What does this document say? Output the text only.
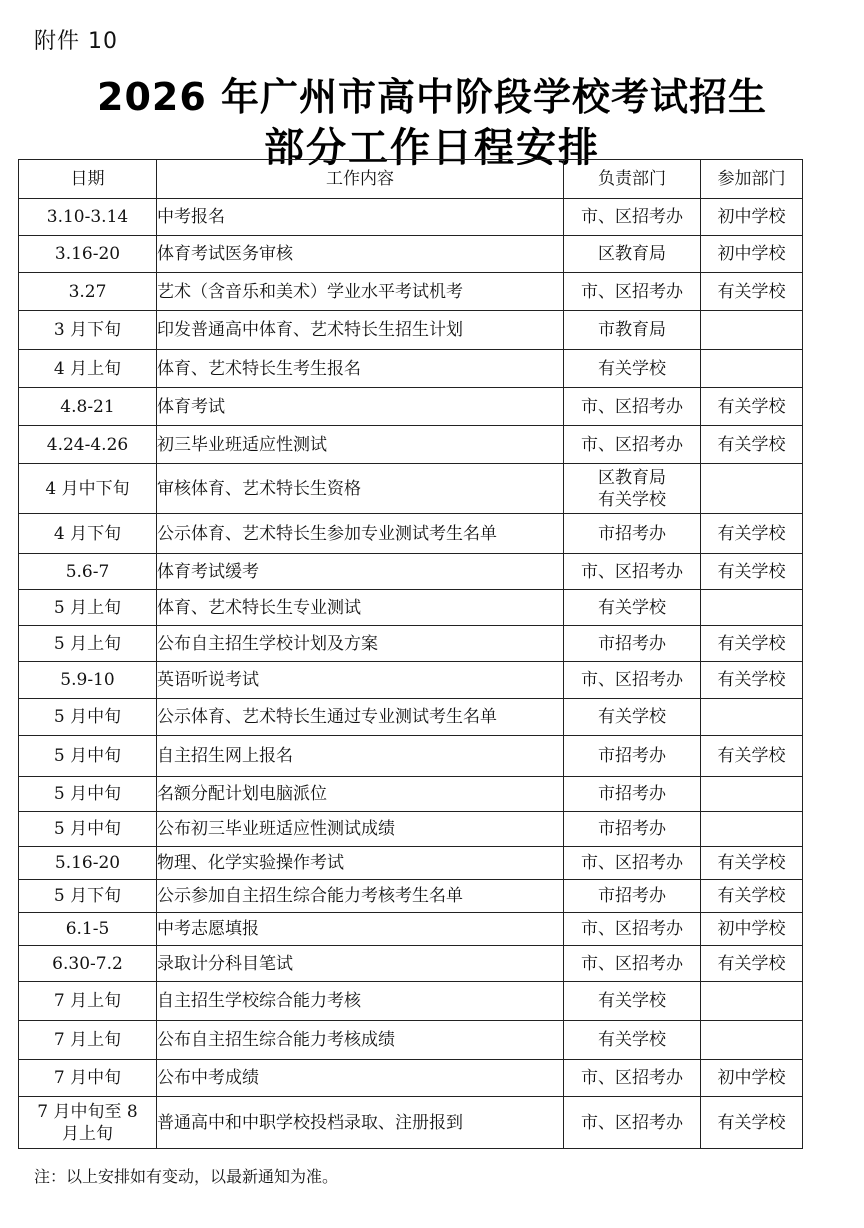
附件 10
2026 年广州市高中阶段学校考试招生
部分工作日程安排
日期	工作内容	负责部门	参加部门
3.10-3.14	中考报名	市、区招考办	初中学校
3.16-20	体育考试医务审核	区教育局	初中学校
3.27	艺术（含音乐和美术）学业水平考试机考	市、区招考办	有关学校
3 月下旬	印发普通高中体育、艺术特长生招生计划	市教育局	
4 月上旬	体育、艺术特长生考生报名	有关学校	
4.8-21	体育考试	市、区招考办	有关学校
4.24-4.26	初三毕业班适应性测试	市、区招考办	有关学校
4 月中下旬	审核体育、艺术特长生资格	区教育局
有关学校	
4 月下旬	公示体育、艺术特长生参加专业测试考生名单	市招考办	有关学校
5.6-7	体育考试缓考	市、区招考办	有关学校
5 月上旬	体育、艺术特长生专业测试	有关学校	
5 月上旬	公布自主招生学校计划及方案	市招考办	有关学校
5.9-10	英语听说考试	市、区招考办	有关学校
5 月中旬	公示体育、艺术特长生通过专业测试考生名单	有关学校	
5 月中旬	自主招生网上报名	市招考办	有关学校
5 月中旬	名额分配计划电脑派位	市招考办	
5 月中旬	公布初三毕业班适应性测试成绩	市招考办	
5.16-20	物理、化学实验操作考试	市、区招考办	有关学校
5 月下旬	公示参加自主招生综合能力考核考生名单	市招考办	有关学校
6.1-5	中考志愿填报	市、区招考办	初中学校
6.30-7.2	录取计分科目笔试	市、区招考办	有关学校
7 月上旬	自主招生学校综合能力考核	有关学校	
7 月上旬	公布自主招生综合能力考核成绩	有关学校	
7 月中旬	公布中考成绩	市、区招考办	初中学校
7 月中旬至 8
月上旬	普通高中和中职学校投档录取、注册报到	市、区招考办	有关学校
注：以上安排如有变动，以最新通知为准。
